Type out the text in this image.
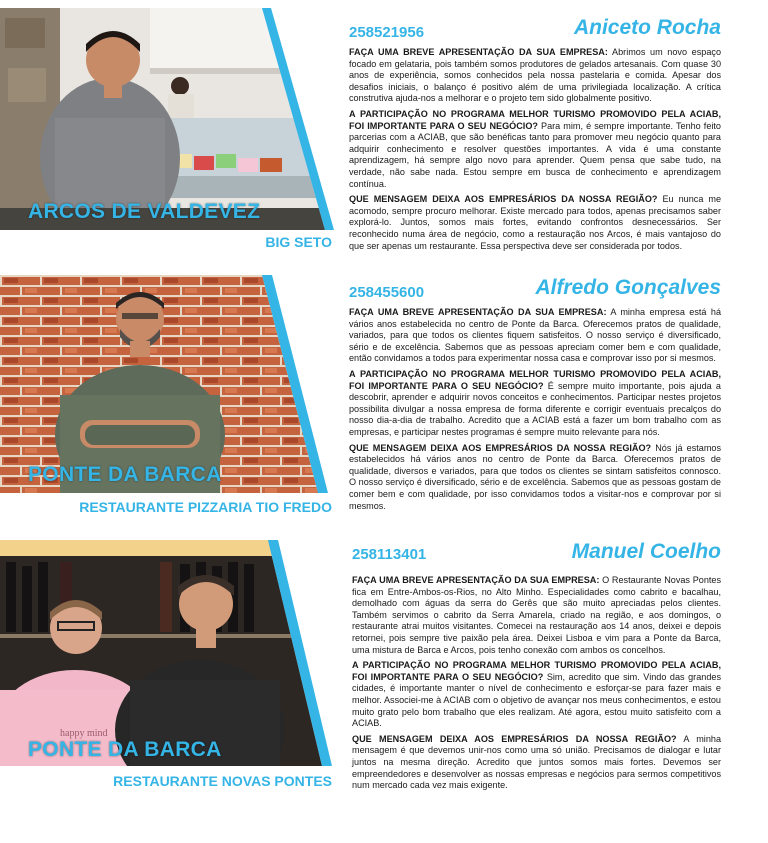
ARCOS DE VALDEVEZ
BIG SETO
258521956	Aniceto Rocha

FAÇA UMA BREVE APRESENTAÇÃO DA SUA EMPRESA: Abrimos um novo espaço focado em gelataria, pois também somos produtores de gelados artesanais. Com quase 30 anos de experiência, somos conhecidos pela nossa pastelaria e comida. Apesar dos desafios iniciais, o balanço é positivo além de uma privilegiada localização. A crítica construtiva ajuda-nos a melhorar e o projeto tem sido globalmente positivo.

A PARTICIPAÇÃO NO PROGRAMA MELHOR TURISMO PROMOVIDO PELA ACIAB, FOI IMPORTANTE PARA O SEU NEGÓCIO? Para mim, é sempre importante. Tenho feito parcerias com a ACIAB, que são benéficas tanto para promover meu negócio quanto para adquirir conhecimento e resolver questões importantes. A vida é uma constante aprendizagem, há sempre algo novo para aprender. Quem pensa que sabe tudo, na verdade, não sabe nada. Estou sempre em busca de conhecimento e aprendizagem contínua.

QUE MENSAGEM DEIXA AOS EMPRESÁRIOS DA NOSSA REGIÃO? Eu nunca me acomodo, sempre procuro melhorar. Existe mercado para todos, apenas precisamos saber explorá-lo. Juntos, somos mais fortes, evitando confrontos desnecessários. Ser reconhecido numa área de negócio, como a restauração nos Arcos, é mais vantajoso do que ser apenas um restaurante. Essa perspectiva deve ser considerada por todos.

PONTE DA BARCA
RESTAURANTE PIZZARIA TIO FREDO
258455600	Alfredo Gonçalves

FAÇA UMA BREVE APRESENTAÇÃO DA SUA EMPRESA: A minha empresa está há vários anos estabelecida no centro de Ponte da Barca. Oferecemos pratos de qualidade, variados, para que todos os clientes fiquem satisfeitos. O nosso serviço é diversificado, sério e de excelência. Sabemos que as pessoas apreciam comer bem e com qualidade, então convidamos a todos para experimentar nossa casa e comprovar isso por si mesmos.

A PARTICIPAÇÃO NO PROGRAMA MELHOR TURISMO PROMOVIDO PELA ACIAB, FOI IMPORTANTE PARA O SEU NEGÓCIO? É sempre muito importante, pois ajuda a descobrir, aprender e adquirir novos conceitos e conhecimentos. Participar nestes projetos possibilita divulgar a nossa empresa de forma diferente e corrigir eventuais precalços do nosso dia-a-dia de trabalho. Acredito que a ACIAB está a fazer um bom trabalho com as empresas, e participar nestes programas é sempre muito relevante para nós.

QUE MENSAGEM DEIXA AOS EMPRESÁRIOS DA NOSSA REGIÃO? Nós já estamos estabelecidos há vários anos no centro de Ponte da Barca. Oferecemos pratos de qualidade, diversos e variados, para que todos os clientes se sintam satisfeitos connosco. O nosso serviço é diversificado, sério e de excelência. Sabemos que as pessoas gostam de comer bem e com qualidade, por isso convidamos todos a visitar-nos e comprovar por si mesmos.

happy mind
PONTE DA BARCA
RESTAURANTE NOVAS PONTES
258113401	Manuel Coelho

FAÇA UMA BREVE APRESENTAÇÃO DA SUA EMPRESA: O Restaurante Novas Pontes fica em Entre-Ambos-os-Rios, no Alto Minho. Especialidades como cabrito e bacalhau, demolhado com águas da serra do Gerês que são muito apreciadas pelos clientes. Também servimos o cabrito da Serra Amarela, criado na região, e aos domingos, o restaurante atrai muitos visitantes. Comecei na restauração aos 14 anos, deixei e depois retornei, pois sempre tive paixão pela área. Deixei Lisboa e vim para a Ponte da Barca, uma mistura de Barca e Arcos, pois tenho conexão com ambos os concelhos.

A PARTICIPAÇÃO NO PROGRAMA MELHOR TURISMO PROMOVIDO PELA ACIAB, FOI IMPORTANTE PARA O SEU NEGÓCIO? Sim, acredito que sim. Vindo das grandes cidades, é importante manter o nível de conhecimento e esforçar-se para fazer mais e melhor. Associei-me à ACIAB com o objetivo de avançar nos meus conhecimentos, e estou muito grato pelo bom trabalho que eles realizam. Até agora, estou muito satisfeito com a ACIAB.

QUE MENSAGEM DEIXA AOS EMPRESÁRIOS DA NOSSA REGIÃO? A minha mensagem é que devemos unir-nos como uma só união. Precisamos de dialogar e lutar juntos na mesma direção. Acredito que juntos somos mais fortes. Devemos ser empreendedores e desenvolver as nossas empresas e negócios para sermos competitivos num mercado cada vez mais exigente.
